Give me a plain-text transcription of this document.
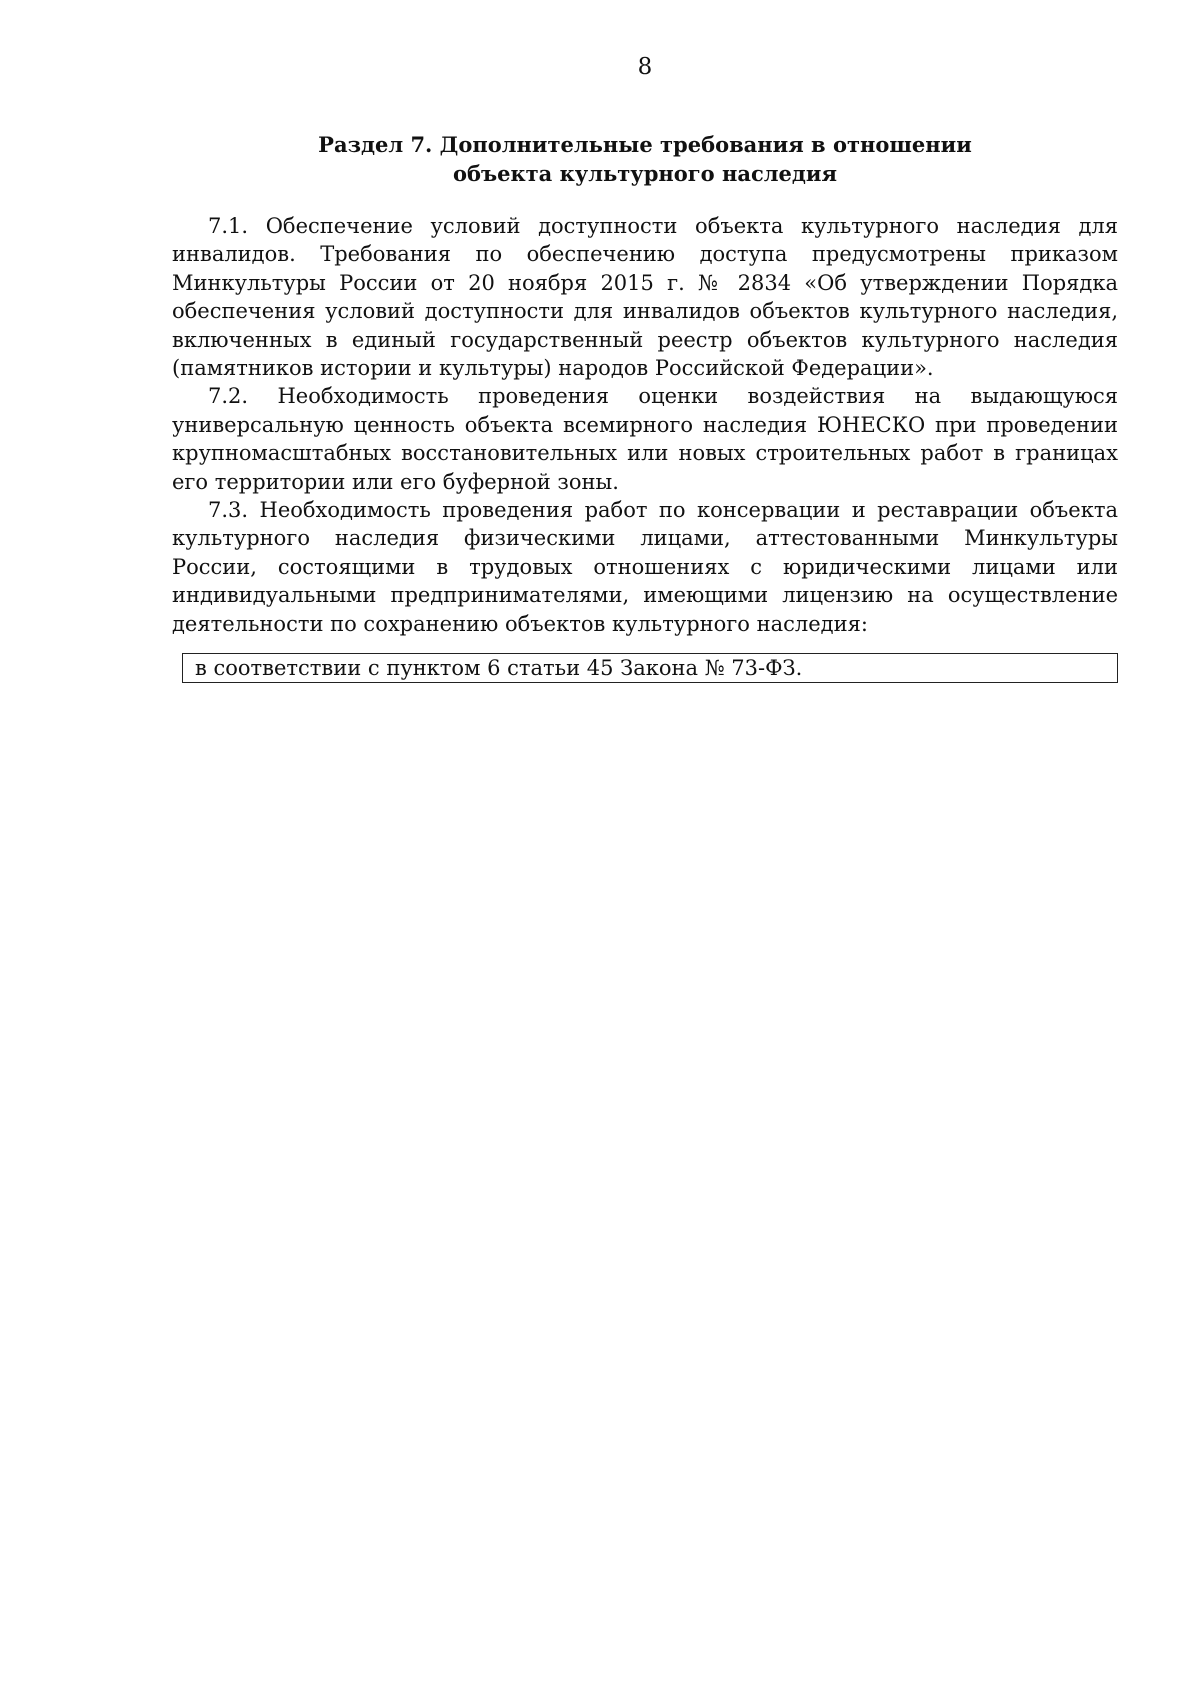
8
Раздел 7. Дополнительные требования в отношении
объекта культурного наследия

7.1. Обеспечение условий доступности объекта культурного наследия для инвалидов. Требования по обеспечению доступа предусмотрены приказом Минкультуры России от 20 ноября 2015 г. № 2834 «Об утверждении Порядка обеспечения условий доступности для инвалидов объектов культурного наследия, включенных в единый государственный реестр объектов культурного наследия (памятников истории и культуры) народов Российской Федерации».

7.2. Необходимость проведения оценки воздействия на выдающуюся универсальную ценность объекта всемирного наследия ЮНЕСКО при проведении крупномасштабных восстановительных или новых строительных работ в границах его территории или его буферной зоны.

7.3. Необходимость проведения работ по консервации и реставрации объекта культурного наследия физическими лицами, аттестованными Минкультуры России, состоящими в трудовых отношениях с юридическими лицами или индивидуальными предпринимателями, имеющими лицензию на осуществление деятельности по сохранению объектов культурного наследия:

в соответствии с пунктом 6 статьи 45 Закона № 73-ФЗ.
